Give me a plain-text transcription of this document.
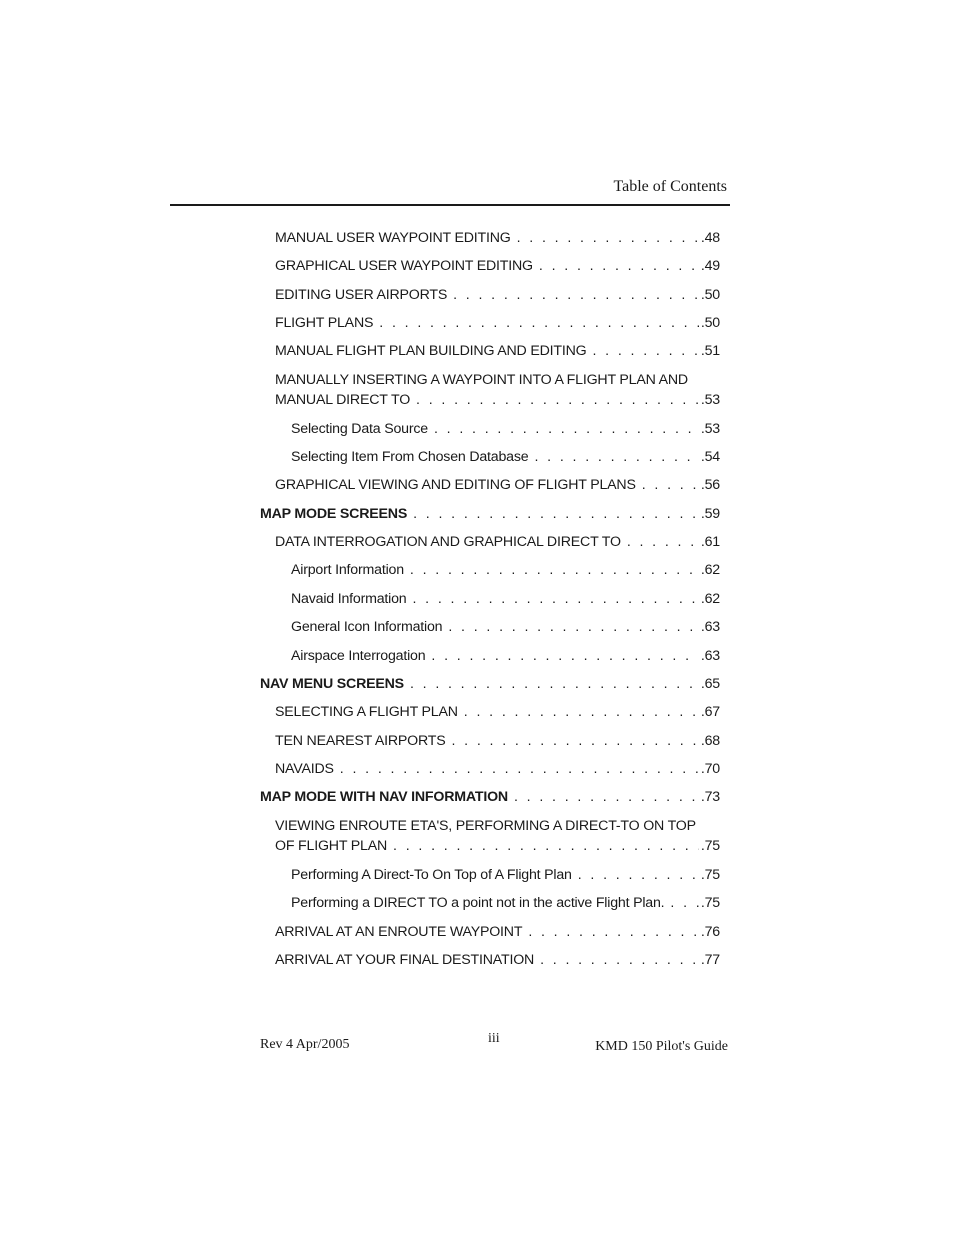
Table of Contents
MANUAL USER WAYPOINT EDITING . . .	.48
GRAPHICAL USER WAYPOINT EDITING . . .	.49
EDITING USER AIRPORTS . . .	.50
FLIGHT PLANS . . .	.50
MANUAL FLIGHT PLAN BUILDING AND EDITING . . .	.51
MANUALLY INSERTING A WAYPOINT INTO A FLIGHT PLAN AND
MANUAL DIRECT TO . . .	.53
Selecting Data Source . . .	.53
Selecting Item From Chosen Database . . .	.54
GRAPHICAL VIEWING AND EDITING OF FLIGHT PLANS . . .	.56
MAP MODE SCREENS . . .	.59
DATA INTERROGATION AND GRAPHICAL DIRECT TO . . .	.61
Airport Information . . .	.62
Navaid Information . . .	.62
General Icon Information . . .	.63
Airspace Interrogation . . .	.63
NAV MENU SCREENS . . .	.65
SELECTING A FLIGHT PLAN . . .	.67
TEN NEAREST AIRPORTS . . .	.68
NAVAIDS . . .	.70
MAP MODE WITH NAV INFORMATION . . .	.73
VIEWING ENROUTE ETA'S, PERFORMING A DIRECT-TO ON TOP
OF FLIGHT PLAN . . .	.75
Performing A Direct-To On Top of A Flight Plan . . .	.75
Performing a DIRECT TO a point not in the active Flight Plan. . . .	.75
ARRIVAL AT AN ENROUTE WAYPOINT . . .	.76
ARRIVAL AT YOUR FINAL DESTINATION . . .	.77
Rev 4 Apr/2005	iii
KMD 150 Pilot's Guide
